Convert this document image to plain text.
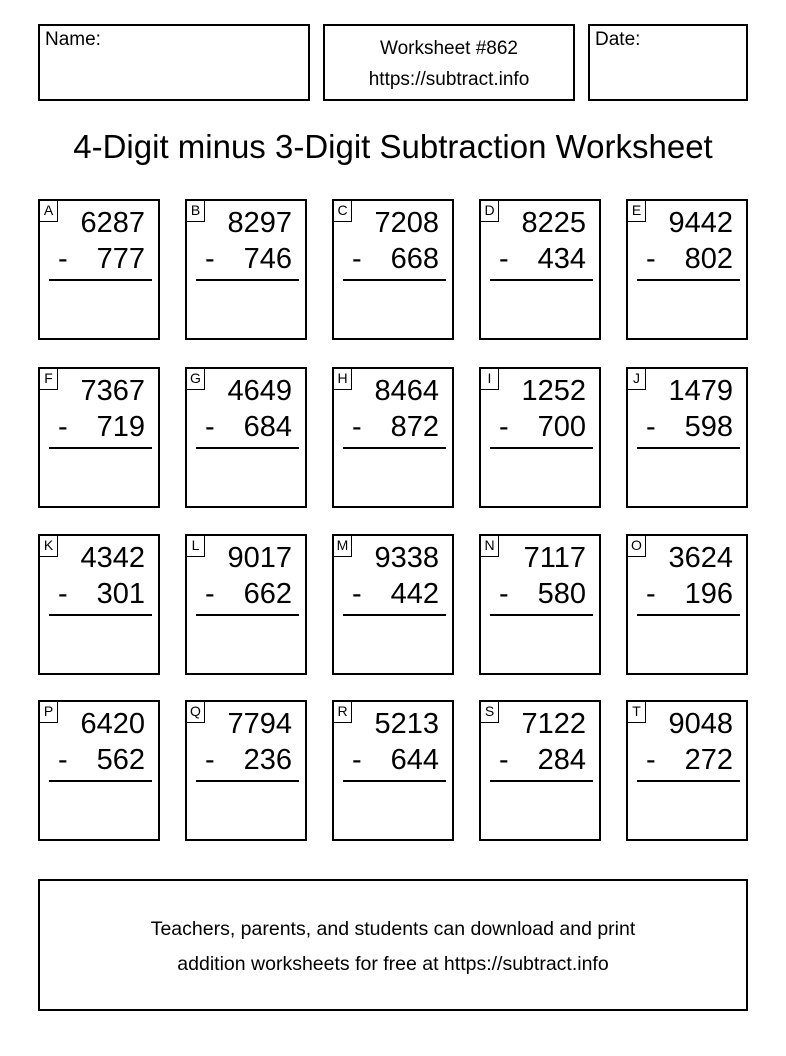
Name:	Worksheet #862
https://subtract.info
Date:
4-Digit minus 3-Digit Subtraction Worksheet
A 6287
- 777
B 8297
- 746
C 7208
- 668
D 8225
- 434
E 9442
- 802
F 7367
- 719
G 4649
- 684
H 8464
- 872
I 1252
- 700
J 1479
- 598
K 4342
- 301
L 9017
- 662
M 9338
- 442
N 7117
- 580
O 3624
- 196
P 6420
- 562
Q 7794
- 236
R 5213
- 644
S 7122
- 284
T 9048
- 272
Teachers, parents, and students can download and print
addition worksheets for free at https://subtract.info
